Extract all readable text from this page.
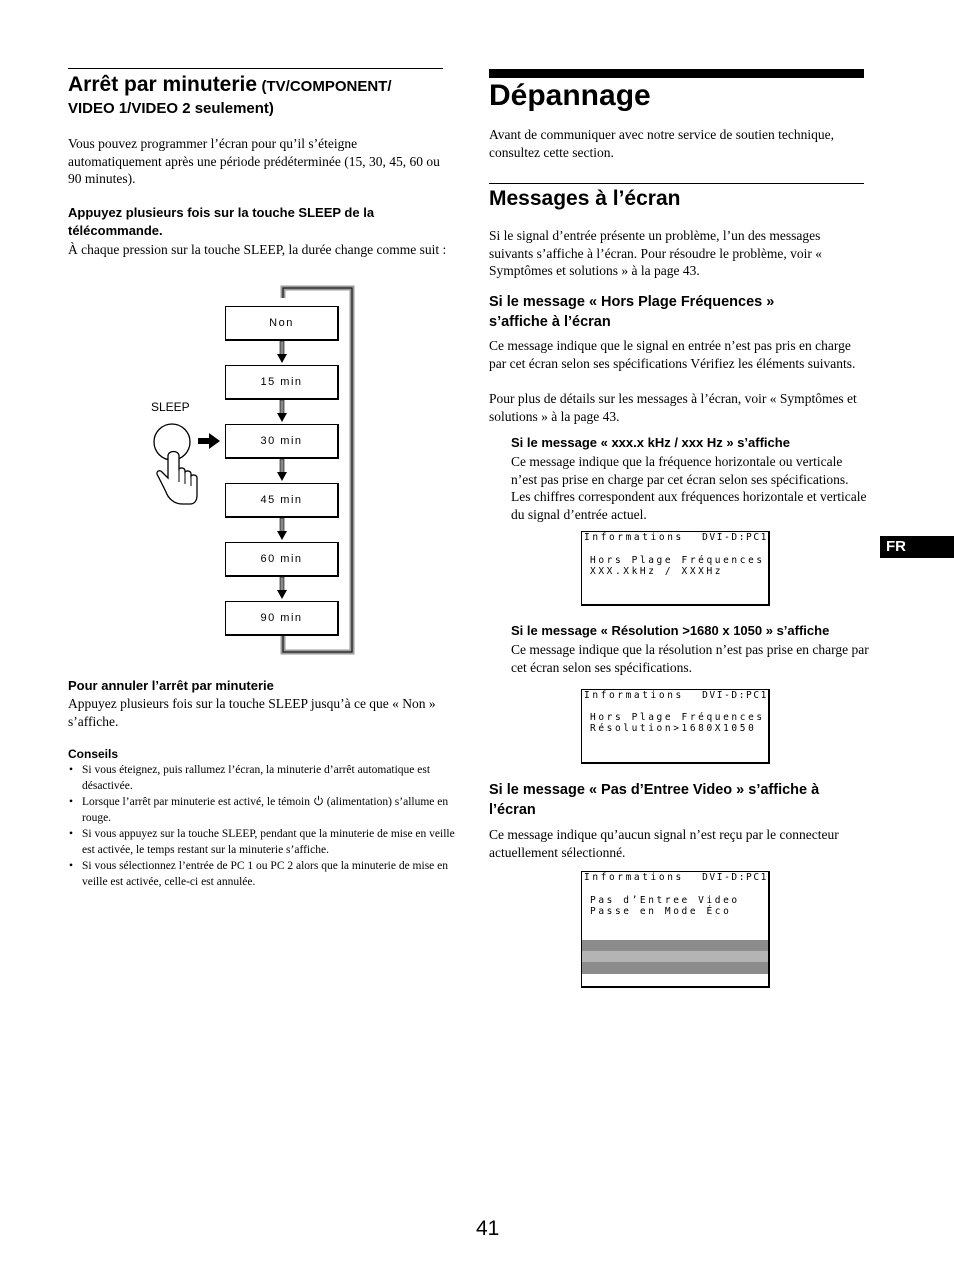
Arrêt par minuterie (TV/COMPONENT/
VIDEO 1/VIDEO 2 seulement)

Vous pouvez programmer l’écran pour qu’il s’éteigne automatiquement après une période prédéterminée (15, 30, 45, 60 ou 90 minutes).

Appuyez plusieurs fois sur la touche SLEEP de la télécommande.

À chaque pression sur la touche SLEEP, la durée change comme suit :

Non
15 min
30 min
45 min
60 min
90 min
SLEEP

Pour annuler l’arrêt par minuterie

Appuyez plusieurs fois sur la touche SLEEP jusqu’à ce que « Non » s’affiche.

Conseils

• Si vous éteignez, puis rallumez l’écran, la minuterie d’arrêt automatique est désactivée.
• Lorsque l’arrêt par minuterie est activé, le témoin (alimentation) s’allume en rouge.
• Si vous appuyez sur la touche SLEEP, pendant que la minuterie de mise en veille est activée, le temps restant sur la minuterie s’affiche.
• Si vous sélectionnez l’entrée de PC 1 ou PC 2 alors que la minuterie de mise en veille est activée, celle-ci est annulée.
Dépannage

Avant de communiquer avec notre service de soutien technique, consultez cette section.

Messages à l’écran

Si le signal d’entrée présente un problème, l’un des messages suivants s’affiche à l’écran. Pour résoudre le problème, voir « Symptômes et solutions » à la page 43.

Si le message « Hors Plage Fréquences » s’affiche à l’écran

Ce message indique que le signal en entrée n’est pas pris en charge par cet écran selon ses spécifications Vérifiez les éléments suivants.

Pour plus de détails sur les messages à l’écran, voir « Symptômes et solutions » à la page 43.

Si le message « xxx.x kHz / xxx Hz » s’affiche

Ce message indique que la fréquence horizontale ou verticale n’est pas prise en charge par cet écran selon ses spécifications. Les chiffres correspondent aux fréquences horizontale et verticale du signal d’entrée actuel.

Informations DVI-D:PC1
Hors Plage Fréquences
XXX.XkHz / XXXHz

Si le message « Résolution >1680 x 1050 » s’affiche

Ce message indique que la résolution n’est pas prise en charge par cet écran selon ses spécifications.

Informations DVI-D:PC1
Hors Plage Fréquences
Résolution>1680X1050

Si le message « Pas d’Entree Video » s’affiche à l’écran

Ce message indique qu’aucun signal n’est reçu par le connecteur actuellement sélectionné.

Informations DVI-D:PC1
Pas d’Entree Video
Passe en Mode Éco
FR
41
